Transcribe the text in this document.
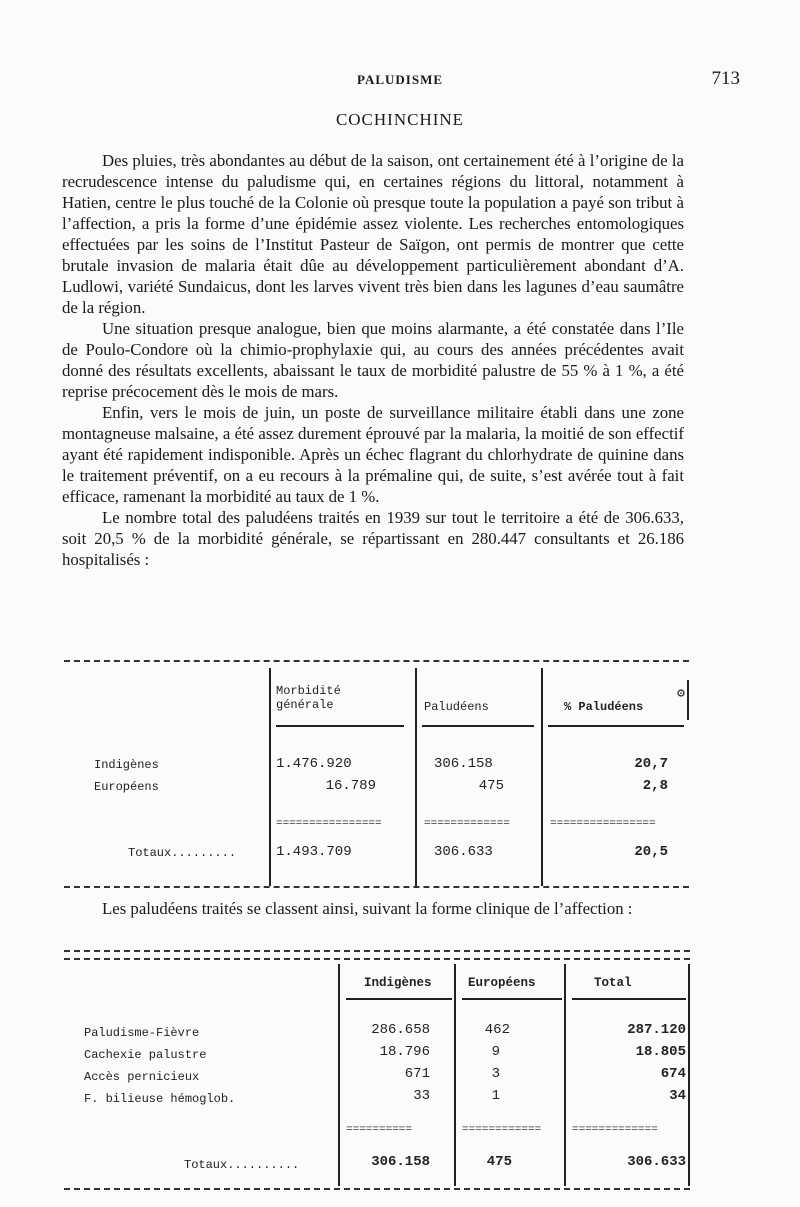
PALUDISME	713
COCHINCHINE

Des pluies, très abondantes au début de la saison, ont certainement été à l’origine de la recrudescence intense du paludisme qui, en certaines régions du littoral, notamment à Hatien, centre le plus touché de la Colonie où presque toute la population a payé son tribut à l’affection, a pris la forme d’une épidémie assez violente. Les recherches entomologiques effectuées par les soins de l’Institut Pasteur de Saïgon, ont permis de montrer que cette brutale invasion de malaria était dûe au développement particulièrement abondant d’A. Ludlowi, variété Sundaicus, dont les larves vivent très bien dans les lagunes d’eau saumâtre de la région.

Une situation presque analogue, bien que moins alarmante, a été constatée dans l’Ile de Poulo-Condore où la chimio-prophylaxie qui, au cours des années précédentes avait donné des résultats excellents, abaissant le taux de morbidité palustre de 55 % à 1 %, a été reprise précocement dès le mois de mars.

Enfin, vers le mois de juin, un poste de surveillance militaire établi dans une zone montagneuse malsaine, a été assez durement éprouvé par la malaria, la moitié de son effectif ayant été rapidement indisponible. Après un échec flagrant du chlorhydrate de quinine dans le traitement préventif, on a eu recours à la prémaline qui, de suite, s’est avérée tout à fait efficace, ramenant la morbidité au taux de 1 %.

Le nombre total des paludéens traités en 1939 sur tout le territoire a été de 306.633, soit 20,5 % de la morbidité générale, se répartissant en 280.447 consultants et 26.186 hospitalisés :

Morbidité générale	Paludéens	% Paludéens
⚙
Indigènes	1.476.920	306.158	20,7
Européens	16.789	475	2,8
================	=============	================
Totaux.........	1.493.709	306.633	20,5
Les paludéens traités se classent ainsi, suivant la forme clinique de l’affection :
Indigènes	Européens	Total
Paludisme-Fièvre	286.658	462	287.120
Cachexie palustre	18.796	9	18.805
Accès pernicieux	671	3	674
F. bilieuse hémoglob.	33	1	34
==========	============	=============
Totaux..........	306.158	475	306.633
